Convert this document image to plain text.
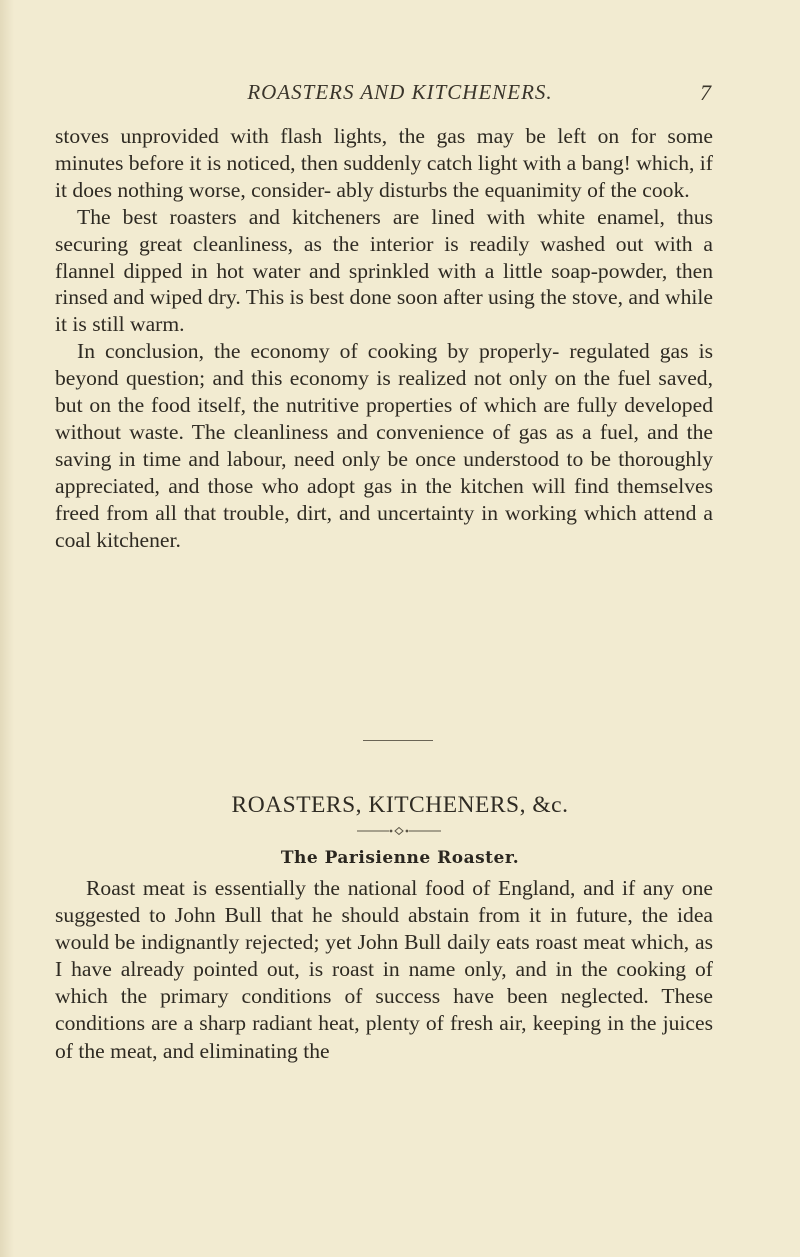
ROASTERS AND KITCHENERS.	7

stoves unprovided with flash lights, the gas may be left on for some minutes before it is noticed, then suddenly catch light with a bang! which, if it does nothing worse, consider- ably disturbs the equanimity of the cook.

The best roasters and kitcheners are lined with white enamel, thus securing great cleanliness, as the interior is readily washed out with a flannel dipped in hot water and sprinkled with a little soap-powder, then rinsed and wiped dry. This is best done soon after using the stove, and while it is still warm.

In conclusion, the economy of cooking by properly- regulated gas is beyond question; and this economy is realized not only on the fuel saved, but on the food itself, the nutritive properties of which are fully developed without waste. The cleanliness and convenience of gas as a fuel, and the saving in time and labour, need only be once understood to be thoroughly appreciated, and those who adopt gas in the kitchen will find themselves freed from all that trouble, dirt, and uncertainty in working which attend a coal kitchener.

ROASTERS, KITCHENERS, &c.
The Parisienne Roaster.

Roast meat is essentially the national food of England, and if any one suggested to John Bull that he should abstain from it in future, the idea would be indignantly rejected; yet John Bull daily eats roast meat which, as I have already pointed out, is roast in name only, and in the cooking of which the primary conditions of success have been neglected. These conditions are a sharp radiant heat, plenty of fresh air, keeping in the juices of the meat, and eliminating the
